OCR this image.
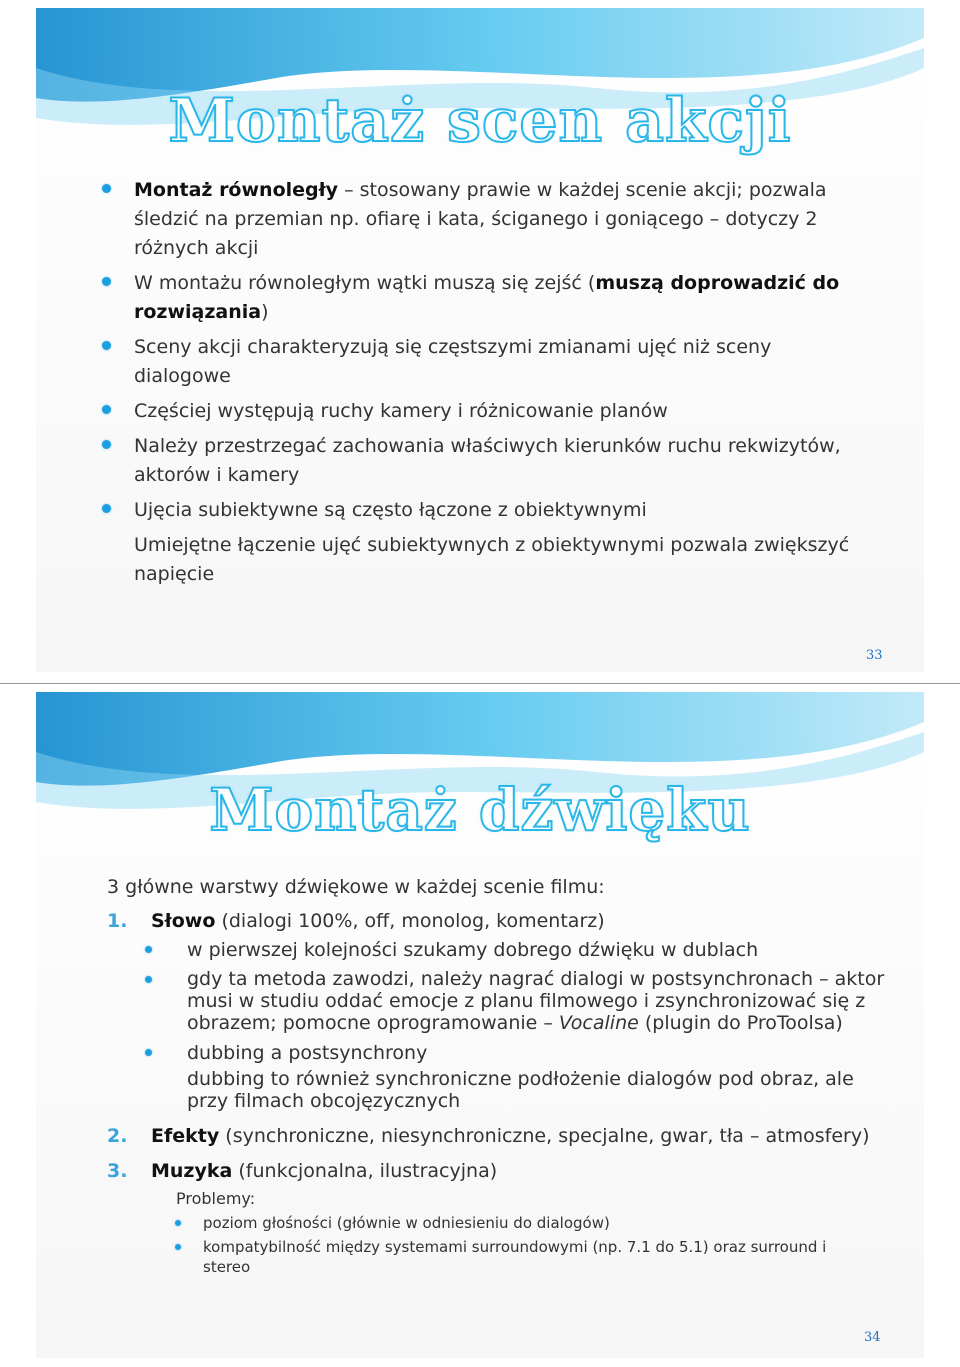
Montaż scen akcji
Montaż równoległy – stosowany prawie w każdej scenie akcji; pozwala
śledzić na przemian np. ofiarę i kata, ściganego i goniącego – dotyczy 2
różnych akcji
W montażu równoległym wątki muszą się zejść (muszą doprowadzić do
rozwiązania)
Sceny akcji charakteryzują się częstszymi zmianami ujęć niż sceny
dialogowe
Częściej występują ruchy kamery i różnicowanie planów
Należy przestrzegać zachowania właściwych kierunków ruchu rekwizytów,
aktorów i kamery
Ujęcia subiektywne są często łączone z obiektywnymi
Umiejętne łączenie ujęć subiektywnych z obiektywnymi pozwala zwiększyć
napięcie
33
Montaż dźwięku
3 główne warstwy dźwiękowe w każdej scenie filmu:
1. Słowo (dialogi 100%, off, monolog, komentarz)
w pierwszej kolejności szukamy dobrego dźwięku w dublach
gdy ta metoda zawodzi, należy nagrać dialogi w postsynchronach – aktor
musi w studiu oddać emocje z planu filmowego i zsynchronizować się z
obrazem; pomocne oprogramowanie – Vocaline (plugin do ProToolsa)
dubbing a postsynchrony
dubbing to również synchroniczne podłożenie dialogów pod obraz, ale
przy filmach obcojęzycznych
2. Efekty (synchroniczne, niesynchroniczne, specjalne, gwar, tła – atmosfery)
3. Muzyka (funkcjonalna, ilustracyjna)
Problemy:
poziom głośności (głównie w odniesieniu do dialogów)
kompatybilność między systemami surroundowymi (np. 7.1 do 5.1) oraz surround i
stereo
34
